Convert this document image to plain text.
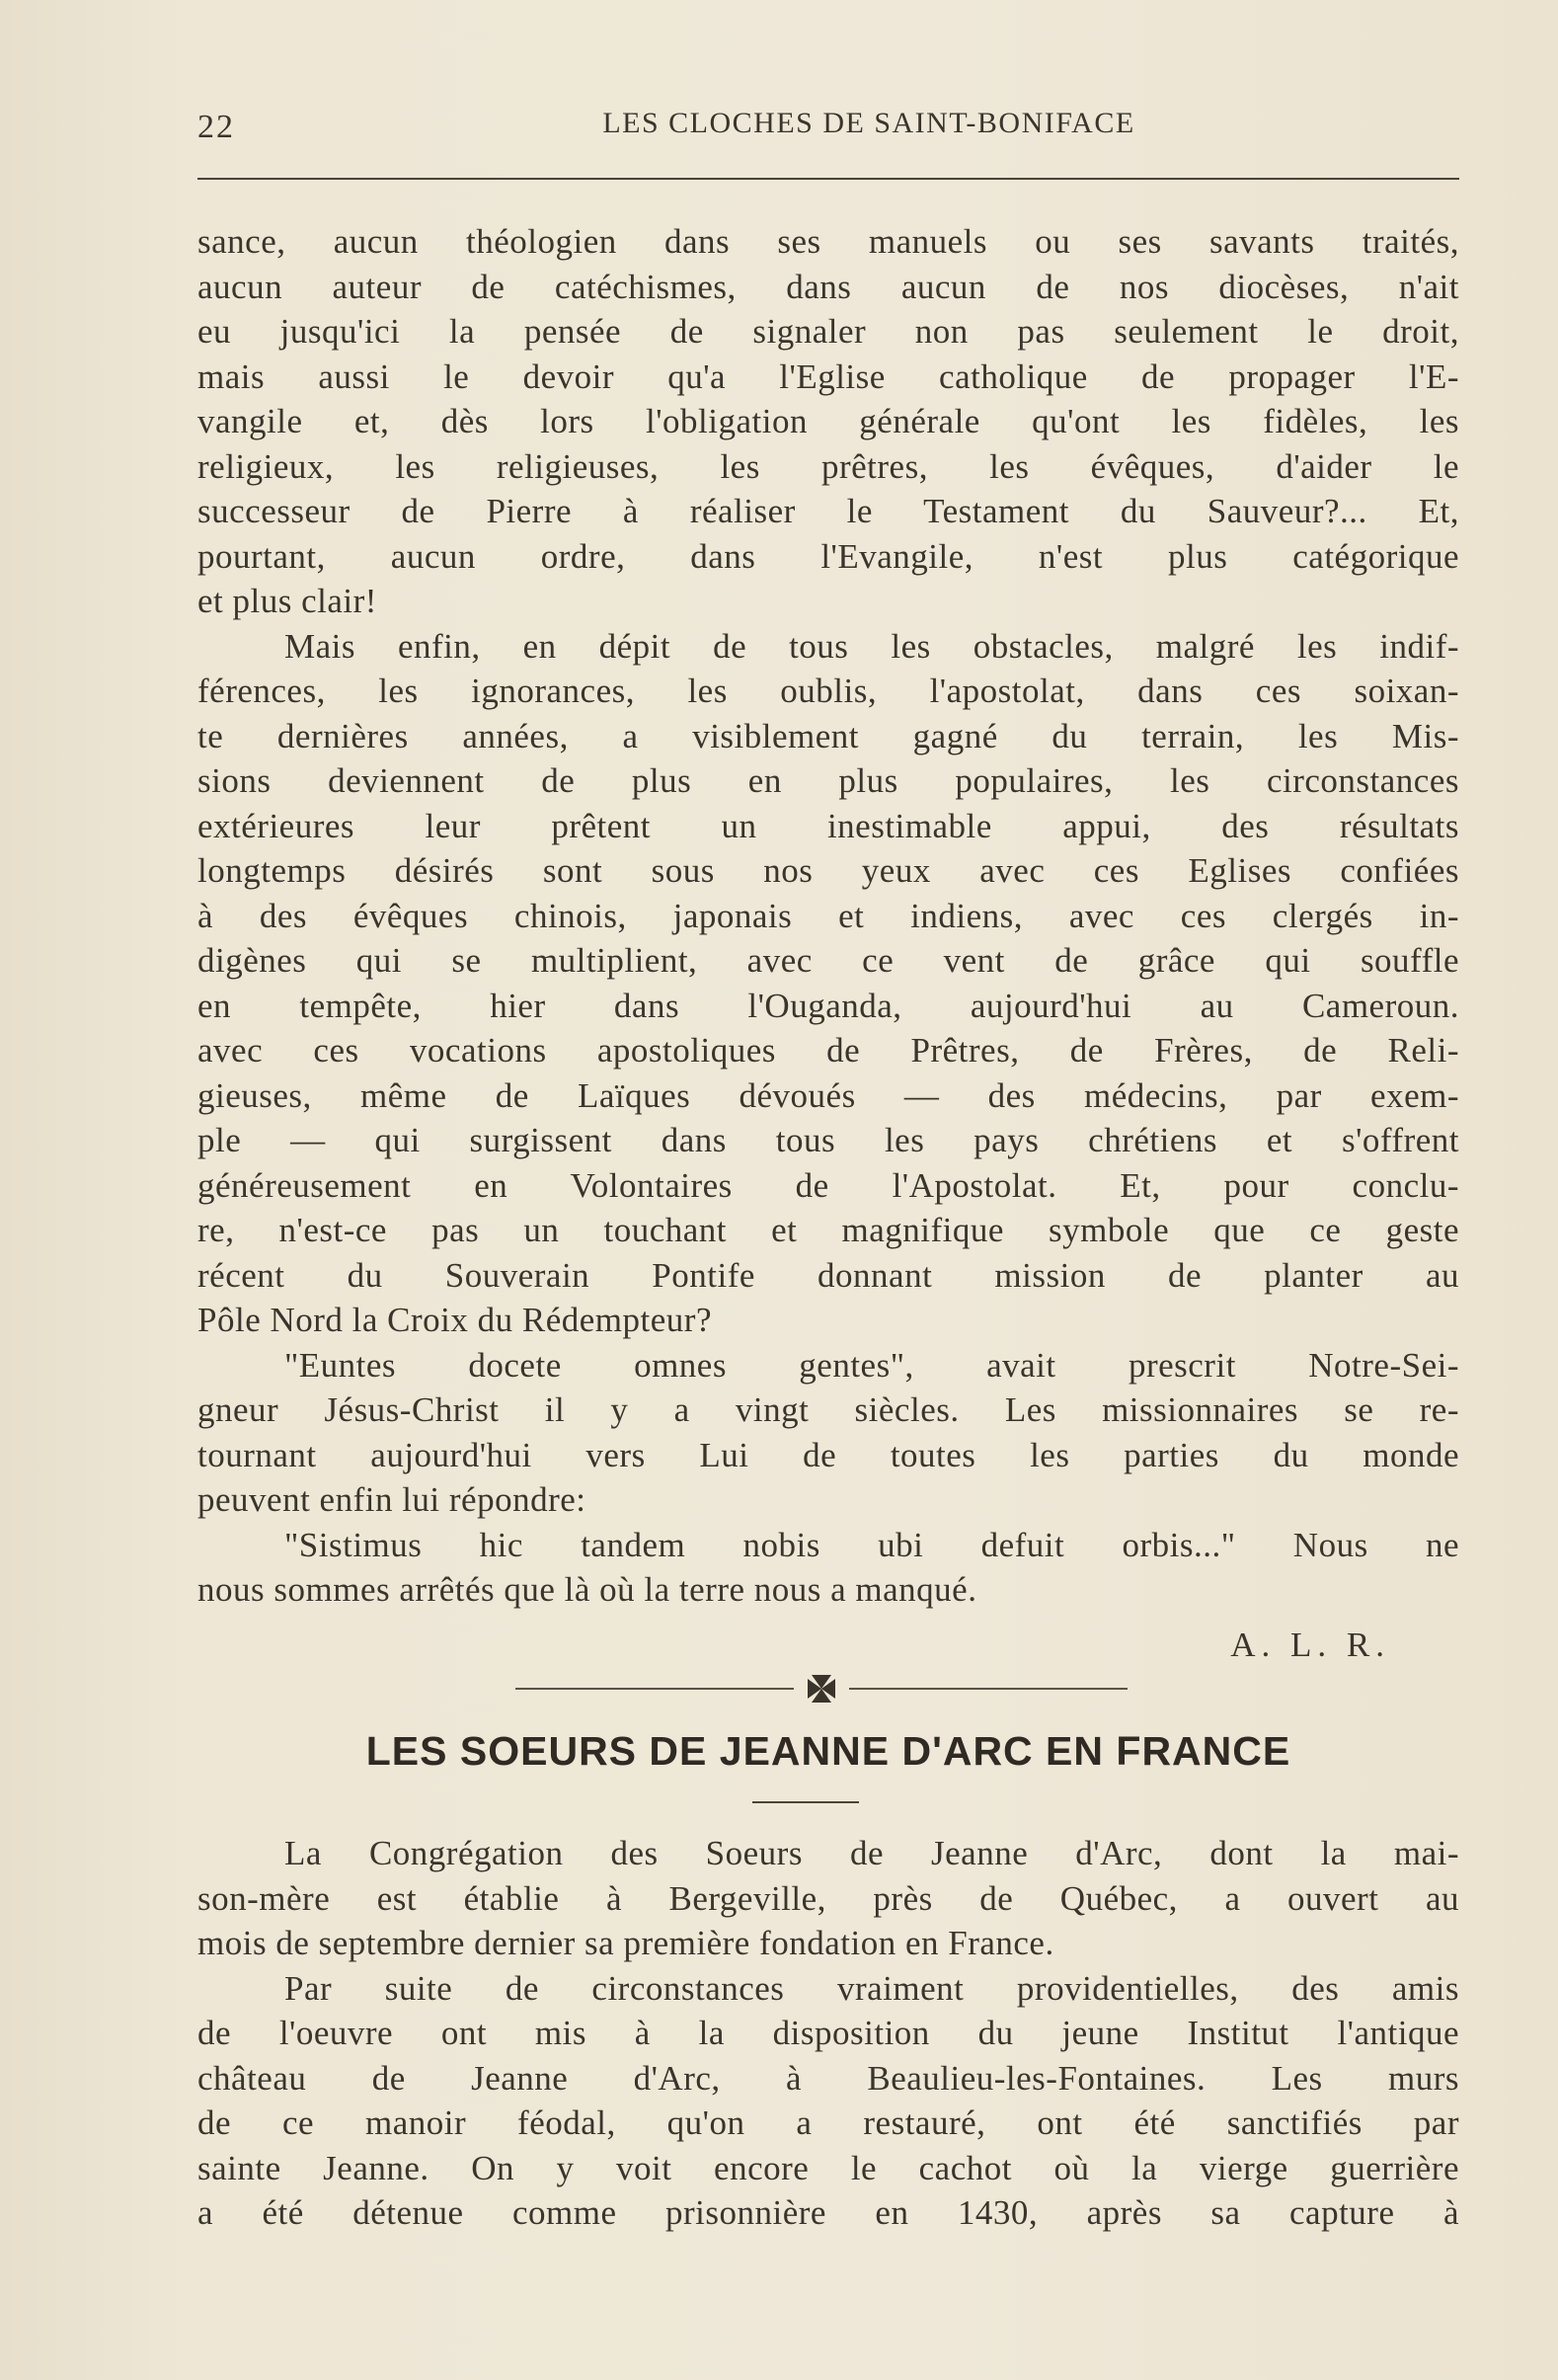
22	LES CLOCHES DE SAINT-BONIFACE
sance, aucun théologien dans ses manuels ou ses savants traités,
aucun auteur de catéchismes, dans aucun de nos diocèses, n'ait
eu jusqu'ici la pensée de signaler non pas seulement le droit,
mais aussi le devoir qu'a l'Eglise catholique de propager l'E-
vangile et, dès lors l'obligation générale qu'ont les fidèles, les
religieux, les religieuses, les prêtres, les évêques, d'aider le
successeur de Pierre à réaliser le Testament du Sauveur?... Et,
pourtant, aucun ordre, dans l'Evangile, n'est plus catégorique
et plus clair!
Mais enfin, en dépit de tous les obstacles, malgré les indif-
férences, les ignorances, les oublis, l'apostolat, dans ces soixan-
te dernières années, a visiblement gagné du terrain, les Mis-
sions deviennent de plus en plus populaires, les circonstances
extérieures leur prêtent un inestimable appui, des résultats
longtemps désirés sont sous nos yeux avec ces Eglises confiées
à des évêques chinois, japonais et indiens, avec ces clergés in-
digènes qui se multiplient, avec ce vent de grâce qui souffle
en tempête, hier dans l'Ouganda, aujourd'hui au Cameroun.
avec ces vocations apostoliques de Prêtres, de Frères, de Reli-
gieuses, même de Laïques dévoués — des médecins, par exem-
ple — qui surgissent dans tous les pays chrétiens et s'offrent
généreusement en Volontaires de l'Apostolat. Et, pour conclu-
re, n'est-ce pas un touchant et magnifique symbole que ce geste
récent du Souverain Pontife donnant mission de planter au
Pôle Nord la Croix du Rédempteur?
"Euntes docete omnes gentes", avait prescrit Notre-Sei-
gneur Jésus-Christ il y a vingt siècles. Les missionnaires se re-
tournant aujourd'hui vers Lui de toutes les parties du monde
peuvent enfin lui répondre:
"Sistimus hic tandem nobis ubi defuit orbis..." Nous ne
nous sommes arrêtés que là où la terre nous a manqué.
A. L. R.
LES SOEURS DE JEANNE D'ARC EN FRANCE
La Congrégation des Soeurs de Jeanne d'Arc, dont la mai-
son-mère est établie à Bergeville, près de Québec, a ouvert au
mois de septembre dernier sa première fondation en France.
Par suite de circonstances vraiment providentielles, des amis
de l'oeuvre ont mis à la disposition du jeune Institut l'antique
château de Jeanne d'Arc, à Beaulieu-les-Fontaines. Les murs
de ce manoir féodal, qu'on a restauré, ont été sanctifiés par
sainte Jeanne. On y voit encore le cachot où la vierge guerrière
a été détenue comme prisonnière en 1430, après sa capture à
